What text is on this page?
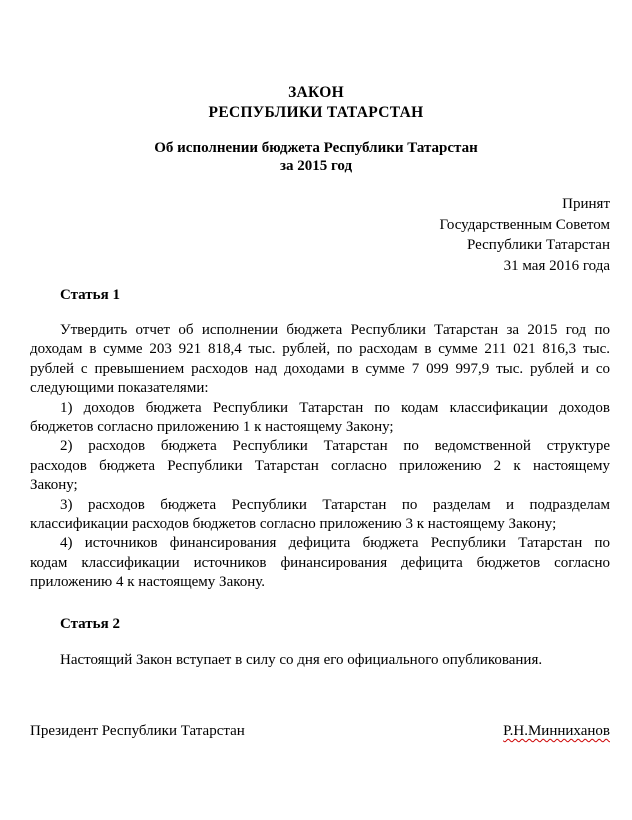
ЗАКОН
РЕСПУБЛИКИ ТАТАРСТАН
Об исполнении бюджета Республики Татарстан
за 2015 год
Принят
Государственным Советом
Республики Татарстан
31 мая 2016 года
Статья 1
Утвердить отчет об исполнении бюджета Республики Татарстан за 2015 год по
доходам в сумме 203 921 818,4 тыс. рублей, по расходам в сумме 211 021 816,3 тыс.
рублей с превышением расходов над доходами в сумме 7 099 997,9 тыс. рублей и со
следующими показателями:
1) доходов бюджета Республики Татарстан по кодам классификации доходов
бюджетов согласно приложению 1 к настоящему Закону;
2) расходов бюджета Республики Татарстан по ведомственной структуре
расходов бюджета Республики Татарстан согласно приложению 2 к настоящему
Закону;
3) расходов бюджета Республики Татарстан по разделам и подразделам
классификации расходов бюджетов согласно приложению 3 к настоящему Закону;
4) источников финансирования дефицита бюджета Республики Татарстан по
кодам классификации источников финансирования дефицита бюджетов согласно
приложению 4 к настоящему Закону.
Статья 2
Настоящий Закон вступает в силу со дня его официального опубликования.
Президент Республики Татарстан	Р.Н.Минниханов
